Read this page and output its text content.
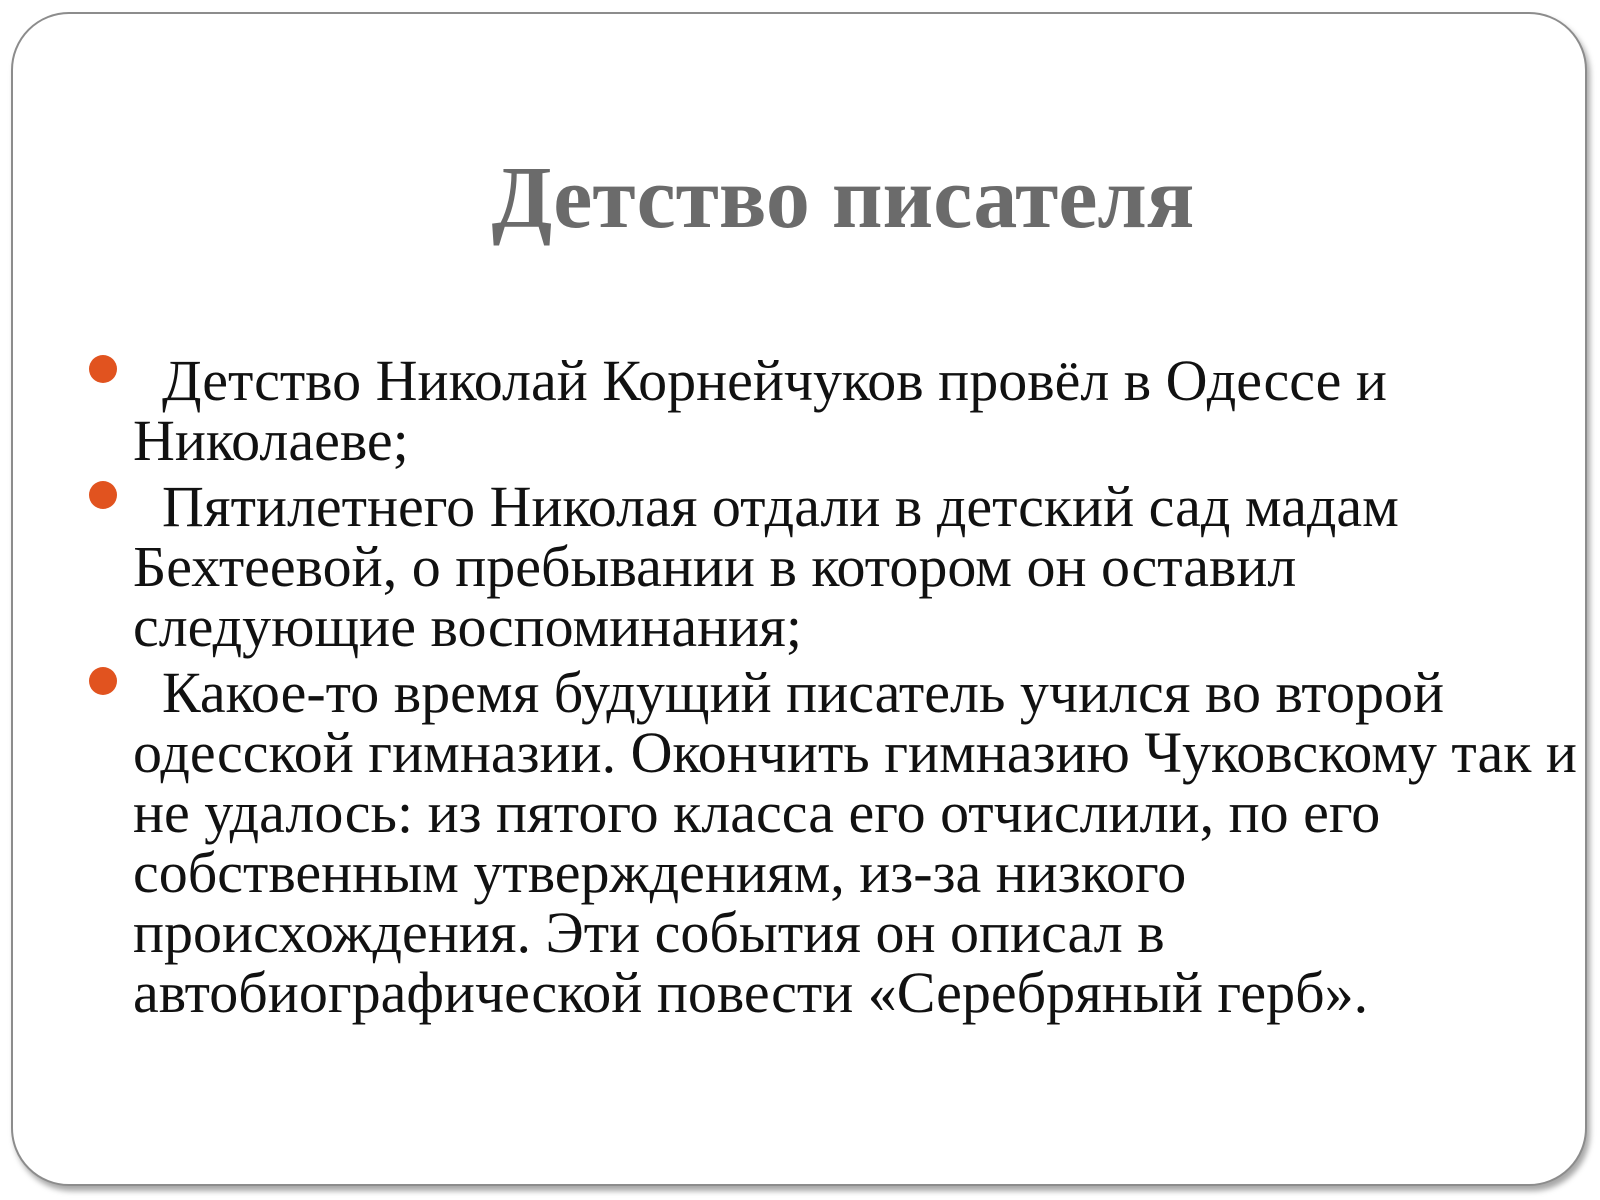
Детство писателя
Детство Николай Корнейчуков провёл в Одессе и Николаеве;
Пятилетнего Николая отдали в детский сад мадам Бехтеевой, о пребывании в котором он оставил следующие воспоминания;
Какое-то время будущий писатель учился во второй одесской гимназии. Окончить гимназию Чуковскому так и не удалось: из пятого класса его отчислили, по его собственным утверждениям, из-за низкого происхождения. Эти события он описал в автобиографической повести «Серебряный герб».
